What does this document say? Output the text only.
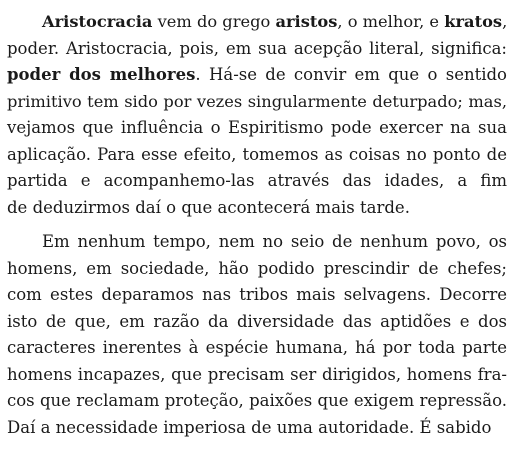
Aristocracia vem do grego aristos, o melhor, e kratos,
poder. Aristocracia, pois, em sua acepção literal, significa:
poder dos melhores. Há-se de convir em que o sentido
primitivo tem sido por vezes singularmente deturpado; mas,
vejamos que influência o Espiritismo pode exercer na sua
aplicação. Para esse efeito, tomemos as coisas no ponto de
partida e acompanhemo-las através das idades, a fim
de deduzirmos daí o que acontecerá mais tarde.
Em nenhum tempo, nem no seio de nenhum povo, os
homens, em sociedade, hão podido prescindir de chefes;
com estes deparamos nas tribos mais selvagens. Decorre
isto de que, em razão da diversidade das aptidões e dos
caracteres inerentes à espécie humana, há por toda parte
homens incapazes, que precisam ser dirigidos, homens fra-
cos que reclamam proteção, paixões que exigem repressão.
Daí a necessidade imperiosa de uma autoridade. É sabido
